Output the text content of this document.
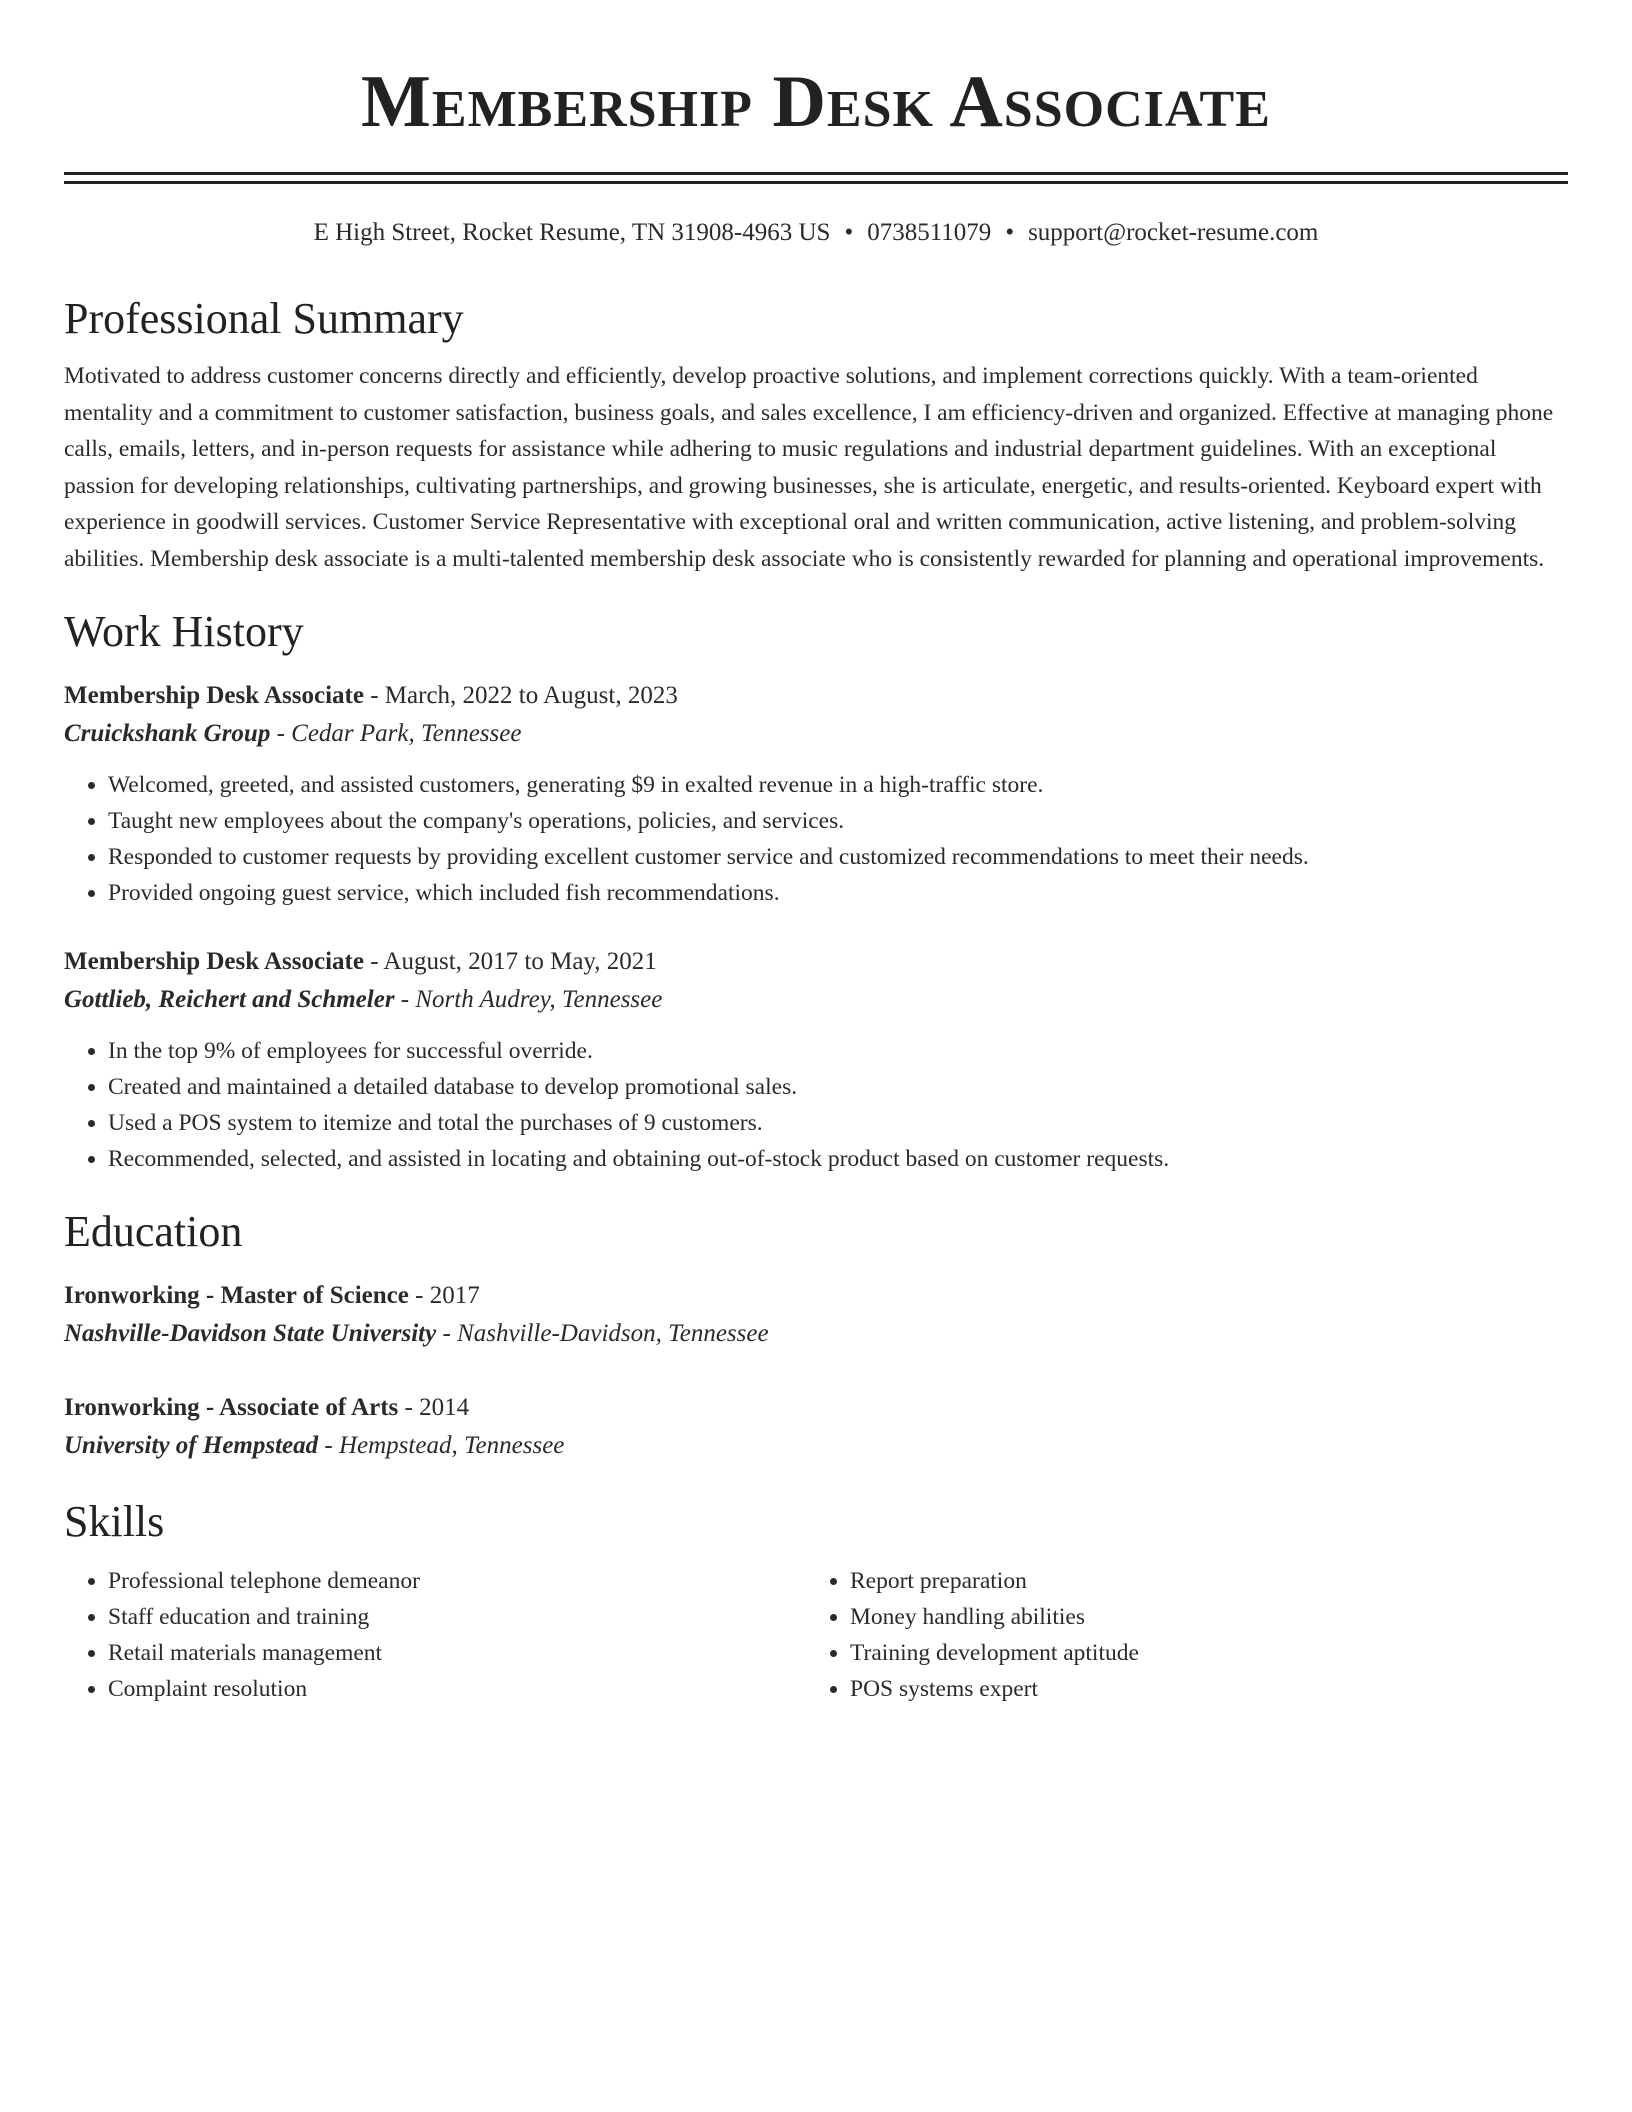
Membership Desk Associate
E High Street, Rocket Resume, TN 31908-4963 US • 0738511079 • support@rocket-resume.com
Professional Summary
Motivated to address customer concerns directly and efficiently, develop proactive solutions, and implement corrections quickly. With a team-oriented mentality and a commitment to customer satisfaction, business goals, and sales excellence, I am efficiency-driven and organized. Effective at managing phone calls, emails, letters, and in-person requests for assistance while adhering to music regulations and industrial department guidelines. With an exceptional passion for developing relationships, cultivating partnerships, and growing businesses, she is articulate, energetic, and results-oriented. Keyboard expert with experience in goodwill services. Customer Service Representative with exceptional oral and written communication, active listening, and problem-solving abilities. Membership desk associate is a multi-talented membership desk associate who is consistently rewarded for planning and operational improvements.
Work History
Membership Desk Associate - March, 2022 to August, 2023
Cruickshank Group - Cedar Park, Tennessee
• Welcomed, greeted, and assisted customers, generating $9 in exalted revenue in a high-traffic store.
• Taught new employees about the company's operations, policies, and services.
• Responded to customer requests by providing excellent customer service and customized recommendations to meet their needs.
• Provided ongoing guest service, which included fish recommendations.
Membership Desk Associate - August, 2017 to May, 2021
Gottlieb, Reichert and Schmeler - North Audrey, Tennessee
• In the top 9% of employees for successful override.
• Created and maintained a detailed database to develop promotional sales.
• Used a POS system to itemize and total the purchases of 9 customers.
• Recommended, selected, and assisted in locating and obtaining out-of-stock product based on customer requests.
Education
Ironworking - Master of Science - 2017
Nashville-Davidson State University - Nashville-Davidson, Tennessee
Ironworking - Associate of Arts - 2014
University of Hempstead - Hempstead, Tennessee
Skills
• Professional telephone demeanor
• Staff education and training
• Retail materials management
• Complaint resolution
• Report preparation
• Money handling abilities
• Training development aptitude
• POS systems expert
